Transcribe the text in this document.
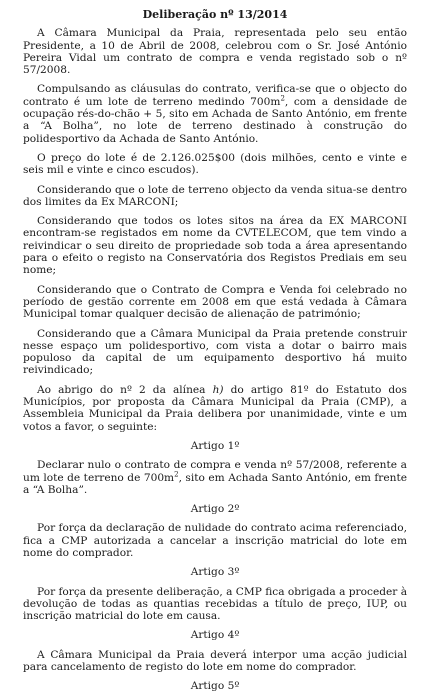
Deliberação nº 13/2014

A Câmara Municipal da Praia, representada pelo seu então Presidente, a 10 de Abril de 2008, celebrou com o Sr. José António Pereira Vidal um contrato de compra e venda registado sob o nº 57/2008.

Compulsando as cláusulas do contrato, verifica-se que o objecto do contrato é um lote de terreno medindo $700m^2$, com a densidade de ocupação rés-do-chão + 5, sito em Achada de Santo António, em frente a “A Bolha”, no lote de terreno destinado à construção do polidesportivo da Achada de Santo António.

O preço do lote é de 2.126.025$00 (dois milhões, cento e vinte e seis mil e vinte e cinco escudos).

Considerando que o lote de terreno objecto da venda situa-se dentro dos limites da Ex MARCONI;

Considerando que todos os lotes sitos na área da EX MARCONI encontram-se registados em nome da CVTELECOM, que tem vindo a reivindicar o seu direito de propriedade sob toda a área apresentando para o efeito o registo na Conservatória dos Registos Prediais em seu nome;

Considerando que o Contrato de Compra e Venda foi celebrado no período de gestão corrente em 2008 em que está vedada à Câmara Municipal tomar qualquer decisão de alienação de património;

Considerando que a Câmara Municipal da Praia pretende construir nesse espaço um polidesportivo, com vista a dotar o bairro mais populoso da capital de um equipamento desportivo há muito reivindicado;

Ao abrigo do nº 2 da alínea h) do artigo 81º do Estatuto dos Municípios, por proposta da Câmara Municipal da Praia (CMP), a Assembleia Municipal da Praia delibera por unanimidade, vinte e um votos a favor, o seguinte:

Artigo 1º

Declarar nulo o contrato de compra e venda nº 57/2008, referente a um lote de terreno de $700m^2$, sito em Achada Santo António, em frente a “A Bolha”.

Artigo 2º

Por força da declaração de nulidade do contrato acima referenciado, fica a CMP autorizada a cancelar a inscrição matricial do lote em nome do comprador.

Artigo 3º

Por força da presente deliberação, a CMP fica obrigada a proceder à devolução de todas as quantias recebidas a título de preço, IUP, ou inscrição matricial do lote em causa.

Artigo 4º

A Câmara Municipal da Praia deverá interpor uma acção judicial para cancelamento de registo do lote em nome do comprador.

Artigo 5º
